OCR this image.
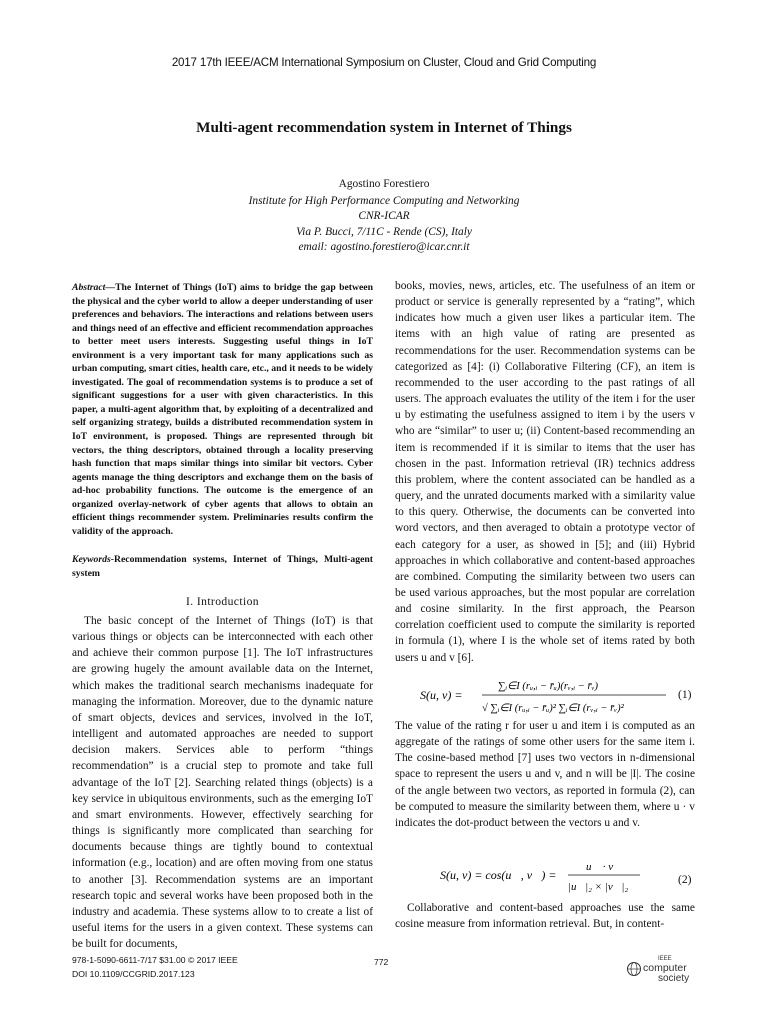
2017 17th IEEE/ACM International Symposium on Cluster, Cloud and Grid Computing
Multi-agent recommendation system in Internet of Things
Agostino Forestiero
Institute for High Performance Computing and Networking
CNR-ICAR
Via P. Bucci, 7/11C - Rende (CS), Italy
email: agostino.forestiero@icar.cnr.it
Abstract—The Internet of Things (IoT) aims to bridge the gap between the physical and the cyber world to allow a deeper understanding of user preferences and behaviors. The interactions and relations between users and things need of an effective and efficient recommendation approaches to better meet users interests. Suggesting useful things in IoT environment is a very important task for many applications such as urban computing, smart cities, health care, etc., and it needs to be widely investigated. The goal of recommendation systems is to produce a set of significant suggestions for a user with given characteristics. In this paper, a multi-agent algorithm that, by exploiting of a decentralized and self organizing strategy, builds a distributed recommendation system in IoT environment, is proposed. Things are represented through bit vectors, the thing descriptors, obtained through a locality preserving hash function that maps similar things into similar bit vectors. Cyber agents manage the thing descriptors and exchange them on the basis of ad-hoc probability functions. The outcome is the emergence of an organized overlay-network of cyber agents that allows to obtain an efficient things recommender system. Preliminaries results confirm the validity of the approach.
Keywords-Recommendation systems, Internet of Things, Multi-agent system
I. Introduction
The basic concept of the Internet of Things (IoT) is that various things or objects can be interconnected with each other and achieve their common purpose [1]. The IoT infrastructures are growing hugely the amount available data on the Internet, which makes the traditional search mechanisms inadequate for managing the information. Moreover, due to the dynamic nature of smart objects, devices and services, involved in the IoT, intelligent and automated approaches are needed to support decision makers. Services able to perform “things recommendation” is a crucial step to promote and take full advantage of the IoT [2]. Searching related things (objects) is a key service in ubiquitous environments, such as the emerging IoT and smart environments. However, effectively searching for things is significantly more complicated than searching for documents because things are tightly bound to contextual information (e.g., location) and are often moving from one status to another [3]. Recommendation systems are an important research topic and several works have been proposed both in the industry and academia. These systems allow to to create a list of useful items for the users in a given context. These systems can be built for documents,
books, movies, news, articles, etc. The usefulness of an item or product or service is generally represented by a “rating”, which indicates how much a given user likes a particular item. The items with an high value of rating are presented as recommendations for the user. Recommendation systems can be categorized as [4]: (i) Collaborative Filtering (CF), an item is recommended to the user according to the past ratings of all users. The approach evaluates the utility of the item i for the user u by estimating the usefulness assigned to item i by the users v who are “similar” to user u; (ii) Content-based recommending an item is recommended if it is similar to items that the user has chosen in the past. Information retrieval (IR) technics address this problem, where the content associated can be handled as a query, and the unrated documents marked with a similarity value to this query. Otherwise, the documents can be converted into word vectors, and then averaged to obtain a prototype vector of each category for a user, as showed in [5]; and (iii) Hybrid approaches in which collaborative and content-based approaches are combined. Computing the similarity between two users can be used various approaches, but the most popular are correlation and cosine similarity. In the first approach, the Pearson correlation coefficient used to compute the similarity is reported in formula (1), where I is the whole set of items rated by both users u and v [6].
S(u, v) =
∑ᵢ∈I (rᵤ,ᵢ − r̄ᵤ)(rᵥ,ᵢ − r̄ᵥ)
√ ∑ᵢ∈I (rᵤ,ᵢ − r̄ᵤ)² ∑ᵢ∈I (rᵥ,ᵢ − r̄ᵥ)²
(1)
The value of the rating r for user u and item i is computed as an aggregate of the ratings of some other users for the same item i. The cosine-based method [7] uses two vectors in n-dimensional space to represent the users u and v, and n will be |I|. The cosine of the angle between two vectors, as reported in formula (2), can be computed to measure the similarity between them, where u · v indicates the dot-product between the vectors u and v.
S(u, v) = cos(u⃗, v⃗) =
u⃗ · v⃗
|u⃗|₂ × |v⃗|₂
(2)
Collaborative and content-based approaches use the same cosine measure from information retrieval. But, in content-
978-1-5090-6611-7/17 $31.00 © 2017 IEEE
DOI 10.1109/CCGRID.2017.123
772	IEEE
computer
society
